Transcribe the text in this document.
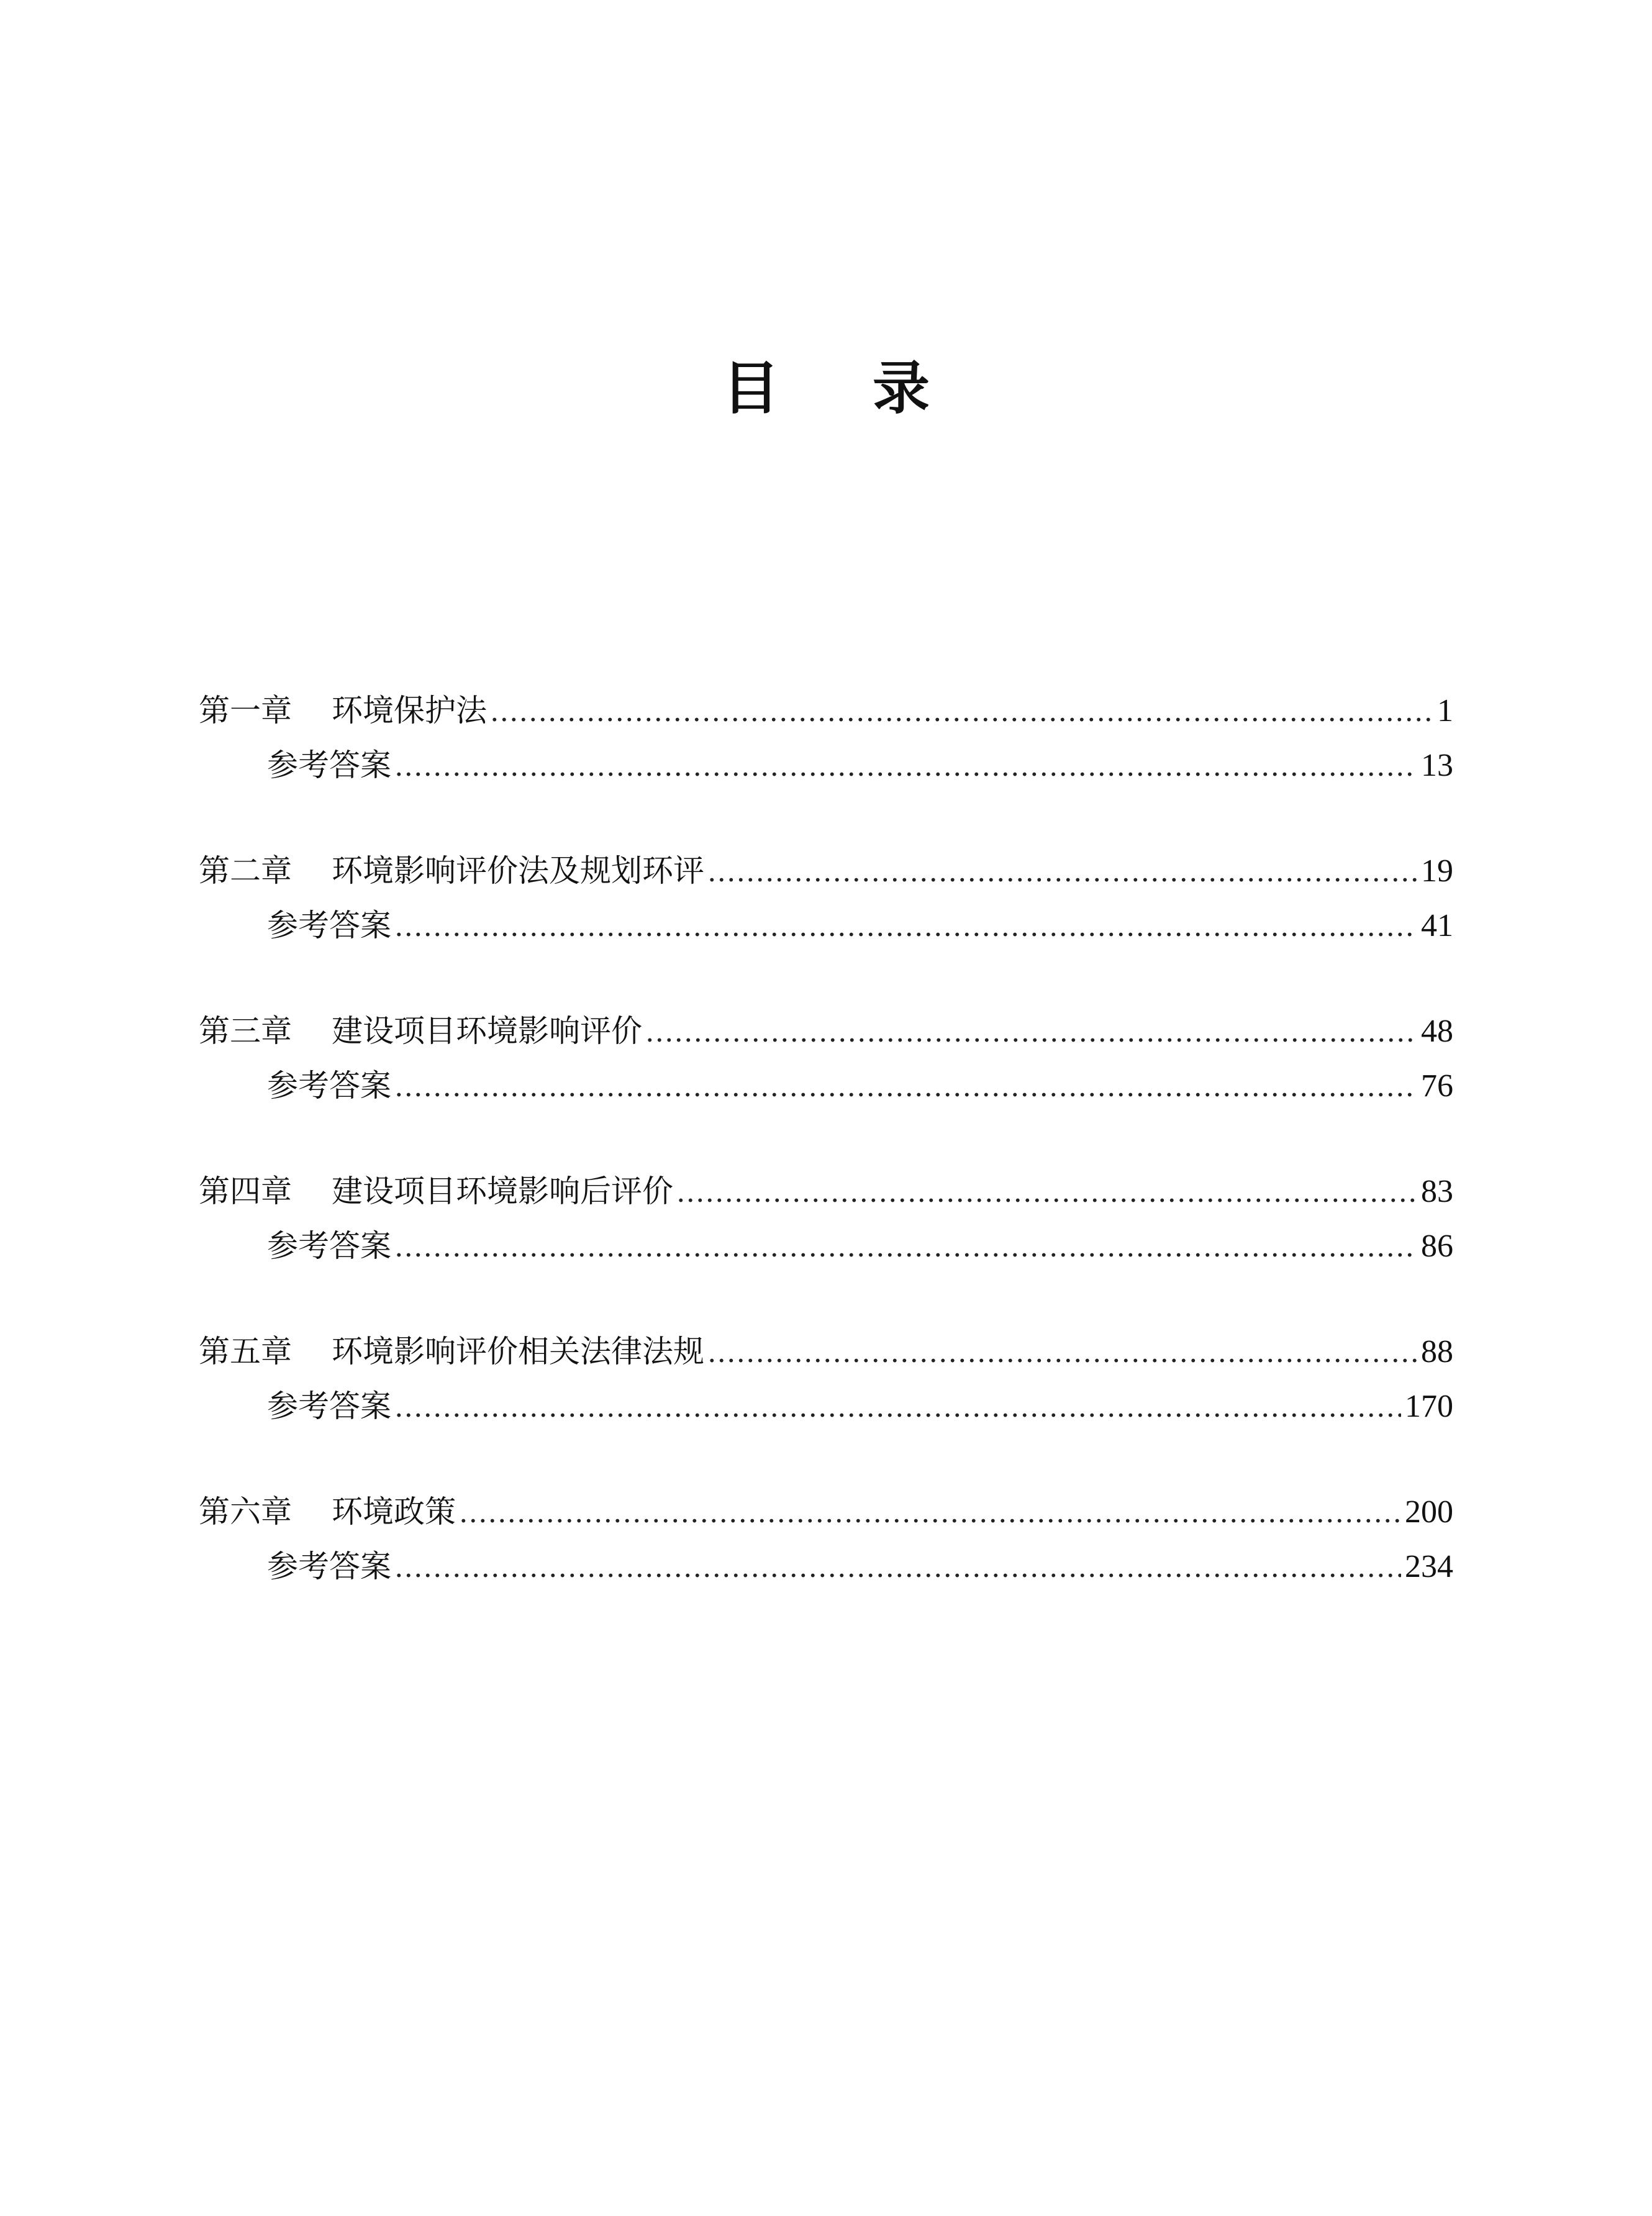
目 录
第一章	环境保护法 .....	1
参考答案 .....	13
第二章	环境影响评价法及规划环评 .....	19
参考答案 .....	41
第三章	建设项目环境影响评价 .....	48
参考答案 .....	76
第四章	建设项目环境影响后评价 .....	83
参考答案 .....	86
第五章	环境影响评价相关法律法规 .....	88
参考答案 .....	170
第六章	环境政策 .....	200
参考答案 .....	234
